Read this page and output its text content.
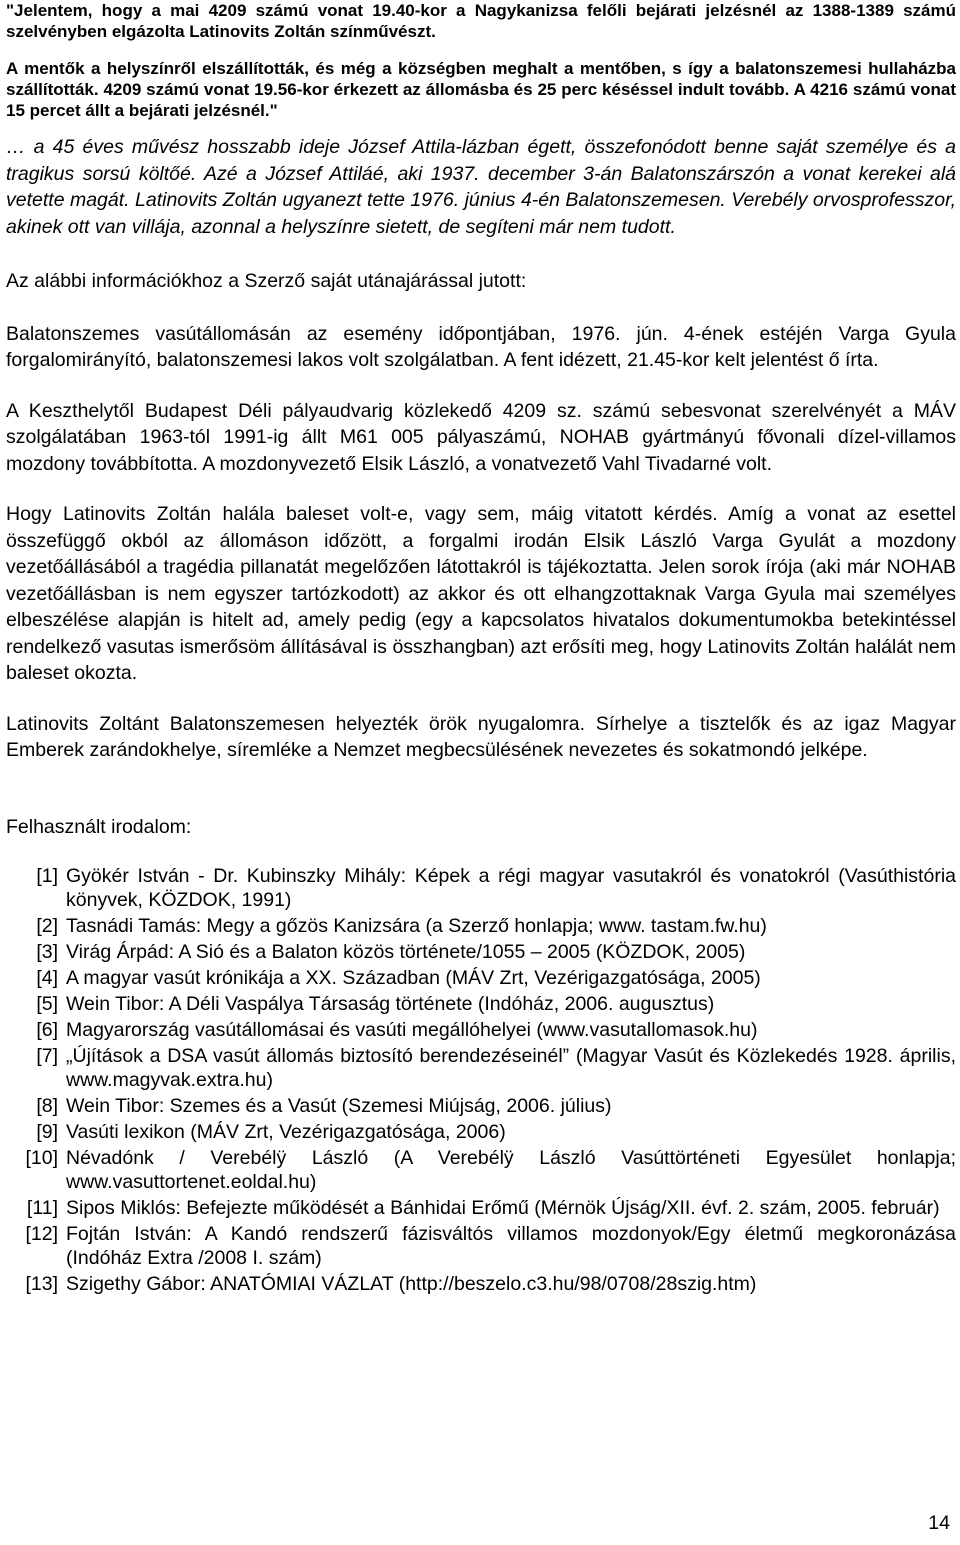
"Jelentem, hogy a mai 4209 számú vonat 19.40-kor a Nagykanizsa felőli bejárati jelzésnél az 1388-1389 számú szelvényben elgázolta Latinovits Zoltán színművészt.

A mentők a helyszínről elszállították, és még a községben meghalt a mentőben, s így a balatonszemesi hullaházba szállították. 4209 számú vonat 19.56-kor érkezett az állomásba és 25 perc késéssel indult tovább. A 4216 számú vonat 15 percet állt a bejárati jelzésnél."

… a 45 éves művész hosszabb ideje József Attila-lázban égett, összefonódott benne saját személye és a tragikus sorsú költőé. Azé a József Attiláé, aki 1937. december 3-án Balatonszárszón a vonat kerekei alá vetette magát. Latinovits Zoltán ugyanezt tette 1976. június 4-én Balatonszemesen. Verebély orvosprofesszor, akinek ott van villája, azonnal a helyszínre sietett, de segíteni már nem tudott.

Az alábbi információkhoz a Szerző saját utánajárással jutott:

Balatonszemes vasútállomásán az esemény időpontjában, 1976. jún. 4-ének estéjén Varga Gyula forgalomirányító, balatonszemesi lakos volt szolgálatban. A fent idézett, 21.45-kor kelt jelentést ő írta.

A Keszthelytől Budapest Déli pályaudvarig közlekedő 4209 sz. számú sebesvonat szerelvényét a MÁV szolgálatában 1963-tól 1991-ig állt M61 005 pályaszámú, NOHAB gyártmányú fővonali dízel-villamos mozdony továbbította. A mozdonyvezető Elsik László, a vonatvezető Vahl Tivadarné volt.

Hogy Latinovits Zoltán halála baleset volt-e, vagy sem, máig vitatott kérdés. Amíg a vonat az esettel összefüggő okból az állomáson időzött, a forgalmi irodán Elsik László Varga Gyulát a mozdony vezetőállásából a tragédia pillanatát megelőzően látottakról is tájékoztatta. Jelen sorok írója (aki már NOHAB vezetőállásban is nem egyszer tartózkodott) az akkor és ott elhangzottaknak Varga Gyula mai személyes elbeszélése alapján is hitelt ad, amely pedig (egy a kapcsolatos hivatalos dokumentumokba betekintéssel rendelkező vasutas ismerősöm állításával is összhangban) azt erősíti meg, hogy Latinovits Zoltán halálát nem baleset okozta.

Latinovits Zoltánt Balatonszemesen helyezték örök nyugalomra. Sírhelye a tisztelők és az igaz Magyar Emberek zarándokhelye, síremléke a Nemzet megbecsülésének nevezetes és sokatmondó jelképe.

Felhasznált irodalom:

[1] Gyökér István - Dr. Kubinszky Mihály: Képek a régi magyar vasutakról és vonatokról (Vasúthistória könyvek, KÖZDOK, 1991)
[2] Tasnádi Tamás: Megy a gőzös Kanizsára (a Szerző honlapja; www. tastam.fw.hu)
[3] Virág Árpád: A Sió és a Balaton közös története/1055 – 2005 (KÖZDOK, 2005)
[4] A magyar vasút krónikája a XX. Században (MÁV Zrt, Vezérigazgatósága, 2005)
[5] Wein Tibor: A Déli Vaspálya Társaság története (Indóház, 2006. augusztus)
[6] Magyarország vasútállomásai és vasúti megállóhelyei (www.vasutallomasok.hu)
[7] „Újítások a DSA vasút állomás biztosító berendezéseinél” (Magyar Vasút és Közlekedés 1928. április, www.magyvak.extra.hu)
[8] Wein Tibor: Szemes és a Vasút (Szemesi Miújság, 2006. július)
[9] Vasúti lexikon (MÁV Zrt, Vezérigazgatósága, 2006)
[10] Névadónk / Verebélÿ László (A Verebélÿ László Vasúttörténeti Egyesület honlapja; www.vasuttortenet.eoldal.hu)
[11] Sipos Miklós: Befejezte működését a Bánhidai Erőmű (Mérnök Újság/XII. évf. 2. szám, 2005. február)
[12] Fojtán István: A Kandó rendszerű fázisváltós villamos mozdonyok/Egy életmű megkoronázása (Indóház Extra /2008 I. szám)
[13] Szigethy Gábor: ANATÓMIAI VÁZLAT (http://beszelo.c3.hu/98/0708/28szig.htm)
14
